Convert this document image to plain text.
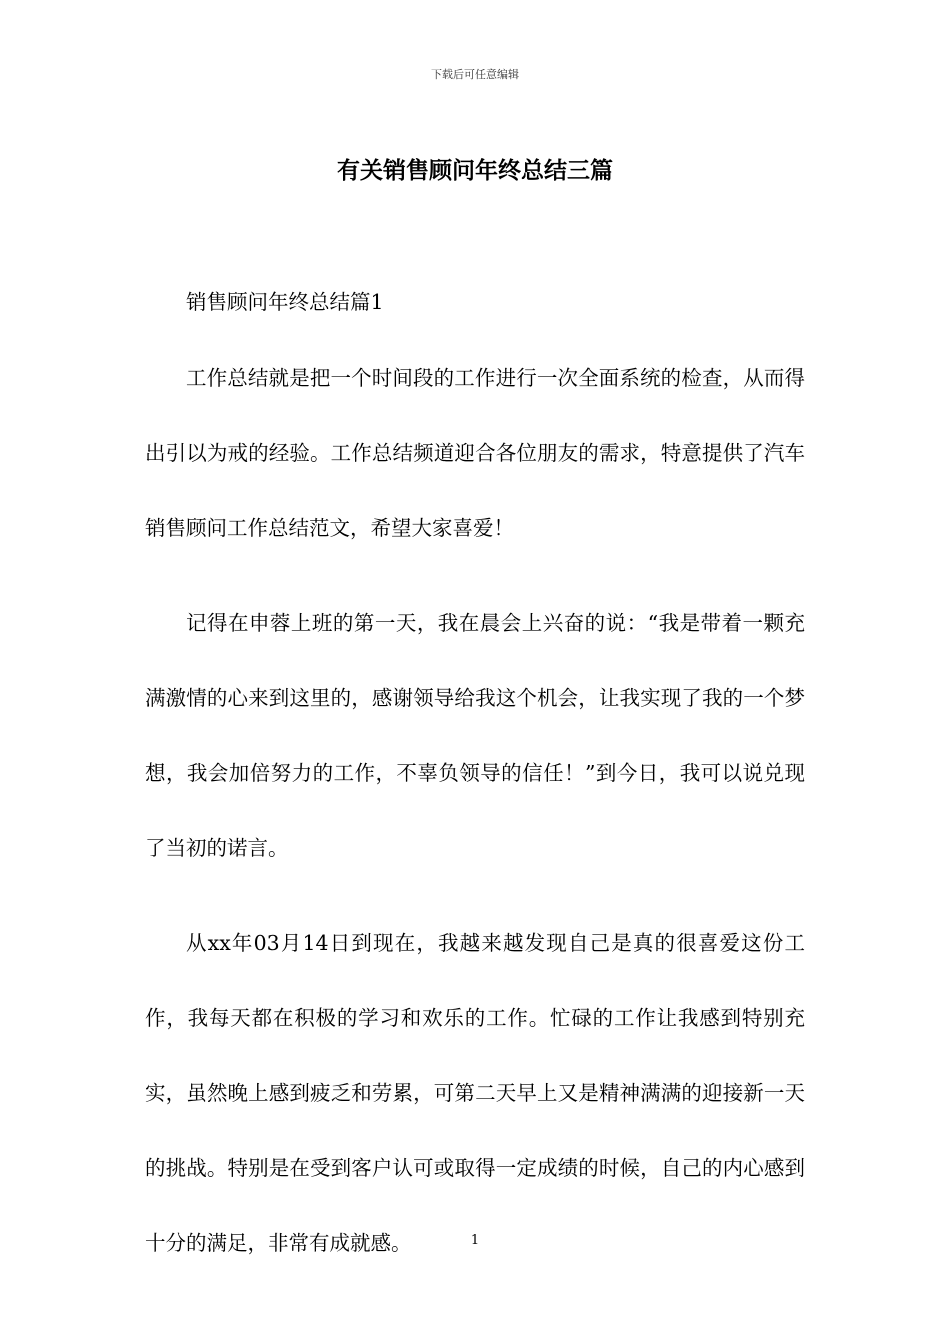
下载后可任意编辑
有关销售顾问年终总结三篇

销售顾问年终总结篇1

工作总结就是把一个时间段的工作进行一次全面系统的检查，从而得出引以为戒的经验。工作总结频道迎合各位朋友的需求，特意提供了汽车销售顾问工作总结范文，希望大家喜爱！

记得在申蓉上班的第一天，我在晨会上兴奋的说：“我是带着一颗充满激情的心来到这里的，感谢领导给我这个机会，让我实现了我的一个梦想，我会加倍努力的工作，不辜负领导的信任！”到今日，我可以说兑现了当初的诺言。

从xx年03月14日到现在，我越来越发现自己是真的很喜爱这份工作，我每天都在积极的学习和欢乐的工作。忙碌的工作让我感到特别充实，虽然晚上感到疲乏和劳累，可第二天早上又是精神满满的迎接新一天的挑战。特别是在受到客户认可或取得一定成绩的时候，自己的内心感到十分的满足，非常有成就感。	1
